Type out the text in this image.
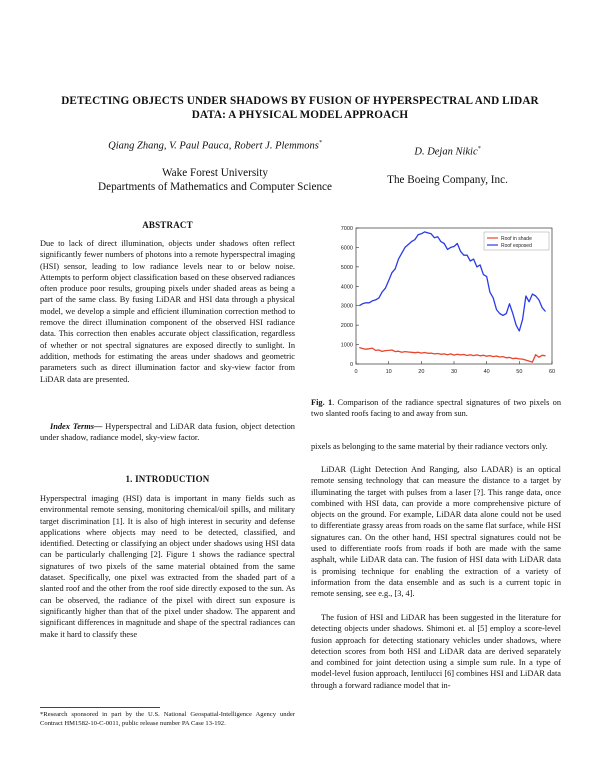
DETECTING OBJECTS UNDER SHADOWS BY FUSION OF HYPERSPECTRAL AND LIDAR
DATA: A PHYSICAL MODEL APPROACH
Qiang Zhang, V. Paul Pauca, Robert J. Plemmons*
Wake Forest University
Departments of Mathematics and Computer Science
D. Dejan Nikic*
The Boeing Company, Inc.
ABSTRACT

Due to lack of direct illumination, objects under shadows often reflect significantly fewer numbers of photons into a remote hyperspectral imaging (HSI) sensor, leading to low radiance levels near to or below noise. Attempts to perform object classification based on these observed radiances often produce poor results, grouping pixels under shaded areas as being a part of the same class. By fusing LiDAR and HSI data through a physical model, we develop a simple and efficient illumination correction method to remove the direct illumination component of the observed HSI radiance data. This correction then enables accurate object classification, regardless of whether or not spectral signatures are exposed directly to sunlight. In addition, methods for estimating the areas under shadows and geometric parameters such as direct illumination factor and sky-view factor from LiDAR data are presented.

Index Terms— Hyperspectral and LiDAR data fusion, object detection under shadow, radiance model, sky-view factor.

1. INTRODUCTION

Hyperspectral imaging (HSI) data is important in many fields such as environmental remote sensing, monitoring chemical/oil spills, and military target discrimination [1]. It is also of high interest in security and defense applications where objects may need to be detected, classified, and identified. Detecting or classifying an object under shadows using HSI data can be particularly challenging [2]. Figure 1 shows the radiance spectral signatures of two pixels of the same material obtained from the same dataset. Specifically, one pixel was extracted from the shaded part of a slanted roof and the other from the roof side directly exposed to the sun. As can be observed, the radiance of the pixel with direct sun exposure is significantly higher than that of the pixel under shadow. The apparent and significant differences in magnitude and shape of the spectral radiances can make it hard to classify these

*Research sponsored in part by the U.S. National Geospatial-Intelligence Agency under Contract HM1582-10-C-0011, public release number PA Case 13-192.
0	10	20	30	40	50	60
0
1000
2000
3000
4000
5000
6000
7000
Roof in shade
Roof exposed
Fig. 1. Comparison of the radiance spectral signatures of two pixels on two slanted roofs facing to and away from sun.

pixels as belonging to the same material by their radiance vectors only.

LiDAR (Light Detection And Ranging, also LADAR) is an optical remote sensing technology that can measure the distance to a target by illuminating the target with pulses from a laser [?]. This range data, once combined with HSI data, can provide a more comprehensive picture of objects on the ground. For example, LiDAR data alone could not be used to differentiate grassy areas from roads on the same flat surface, while HSI signatures can. On the other hand, HSI spectral signatures could not be used to differentiate roofs from roads if both are made with the same asphalt, while LiDAR data can. The fusion of HSI data with LiDAR data is promising technique for enabling the extraction of a variety of information from the data ensemble and as such is a current topic in remote sensing, see e.g., [3, 4].

The fusion of HSI and LiDAR has been suggested in the literature for detecting objects under shadows. Shimoni et. al [5] employ a score-level fusion approach for detecting stationary vehicles under shadows, where detection scores from both HSI and LiDAR data are derived separately and combined for joint detection using a simple sum rule. In a type of model-level fusion approach, Ientilucci [6] combines HSI and LiDAR data through a forward radiance model that in-
